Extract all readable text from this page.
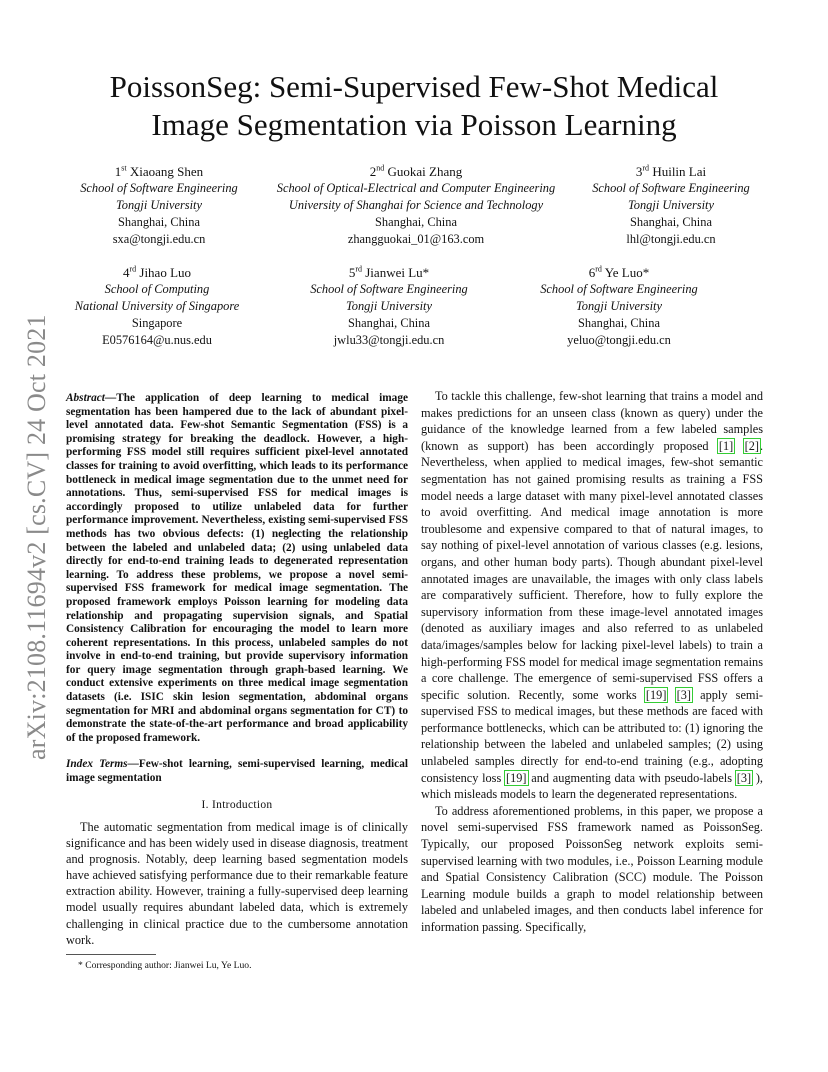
arXiv:2108.11694v2 [cs.CV] 24 Oct 2021
PoissonSeg: Semi-Supervised Few-Shot Medical
Image Segmentation via Poisson Learning
1st Xiaoang Shen
School of Software Engineering
Tongji University
Shanghai, China
sxa@tongji.edu.cn
2nd Guokai Zhang
School of Optical-Electrical and Computer Engineering
University of Shanghai for Science and Technology
Shanghai, China
zhangguokai_01@163.com
3rd Huilin Lai
School of Software Engineering
Tongji University
Shanghai, China
lhl@tongji.edu.cn
4rd Jihao Luo
School of Computing
National University of Singapore
Singapore
E0576164@u.nus.edu
5rd Jianwei Lu*
School of Software Engineering
Tongji University
Shanghai, China
jwlu33@tongji.edu.cn
6rd Ye Luo*
School of Software Engineering
Tongji University
Shanghai, China
yeluo@tongji.edu.cn
Abstract—The application of deep learning to medical image segmentation has been hampered due to the lack of abundant pixel-level annotated data. Few-shot Semantic Segmentation (FSS) is a promising strategy for breaking the deadlock. However, a high-performing FSS model still requires sufficient pixel-level annotated classes for training to avoid overfitting, which leads to its performance bottleneck in medical image segmentation due to the unmet need for annotations. Thus, semi-supervised FSS for medical images is accordingly proposed to utilize unlabeled data for further performance improvement. Nevertheless, existing semi-supervised FSS methods has two obvious defects: (1) neglecting the relationship between the labeled and unlabeled data; (2) using unlabeled data directly for end-to-end training leads to degenerated representation learning. To address these problems, we propose a novel semi-supervised FSS framework for medical image segmentation. The proposed framework employs Poisson learning for modeling data relationship and propagating supervision signals, and Spatial Consistency Calibration for encouraging the model to learn more coherent representations. In this process, unlabeled samples do not involve in end-to-end training, but provide supervisory information for query image segmentation through graph-based learning. We conduct extensive experiments on three medical image segmentation datasets (i.e. ISIC skin lesion segmentation, abdominal organs segmentation for MRI and abdominal organs segmentation for CT) to demonstrate the state-of-the-art performance and broad applicability of the proposed framework.
Index Terms—Few-shot learning, semi-supervised learning, medical image segmentation
I. Introduction

The automatic segmentation from medical image is of clinically significance and has been widely used in disease diagnosis, treatment and prognosis. Notably, deep learning based segmentation models have achieved satisfying performance due to their remarkable feature extraction ability. However, training a fully-supervised deep learning model usually requires abundant labeled data, which is extremely challenging in clinical practice due to the cumbersome annotation work.

* Corresponding author: Jianwei Lu, Ye Luo.

To tackle this challenge, few-shot learning that trains a model and makes predictions for an unseen class (known as query) under the guidance of the knowledge learned from a few labeled samples (known as support) has been accordingly proposed [1] [2]. Nevertheless, when applied to medical images, few-shot semantic segmentation has not gained promising results as training a FSS model needs a large dataset with many pixel-level annotated classes to avoid overfitting. And medical image annotation is more troublesome and expensive compared to that of natural images, to say nothing of pixel-level annotation of various classes (e.g. lesions, organs, and other human body parts). Though abundant pixel-level annotated images are unavailable, the images with only class labels are comparatively sufficient. Therefore, how to fully explore the supervisory information from these image-level annotated images (denoted as auxiliary images and also referred to as unlabeled data/images/samples below for lacking pixel-level labels) to train a high-performing FSS model for medical image segmentation remains a core challenge. The emergence of semi-supervised FSS offers a specific solution. Recently, some works [19] [3] apply semi-supervised FSS to medical images, but these methods are faced with performance bottlenecks, which can be attributed to: (1) ignoring the relationship between the labeled and unlabeled samples; (2) using unlabeled samples directly for end-to-end training (e.g., adopting consistency loss [19] and augmenting data with pseudo-labels [3] ), which misleads models to learn the degenerated representations.

To address aforementioned problems, in this paper, we propose a novel semi-supervised FSS framework named as PoissonSeg. Typically, our proposed PoissonSeg network exploits semi-supervised learning with two modules, i.e., Poisson Learning module and Spatial Consistency Calibration (SCC) module. The Poisson Learning module builds a graph to model relationship between labeled and unlabeled images, and then conducts label inference for information passing. Specifically,
